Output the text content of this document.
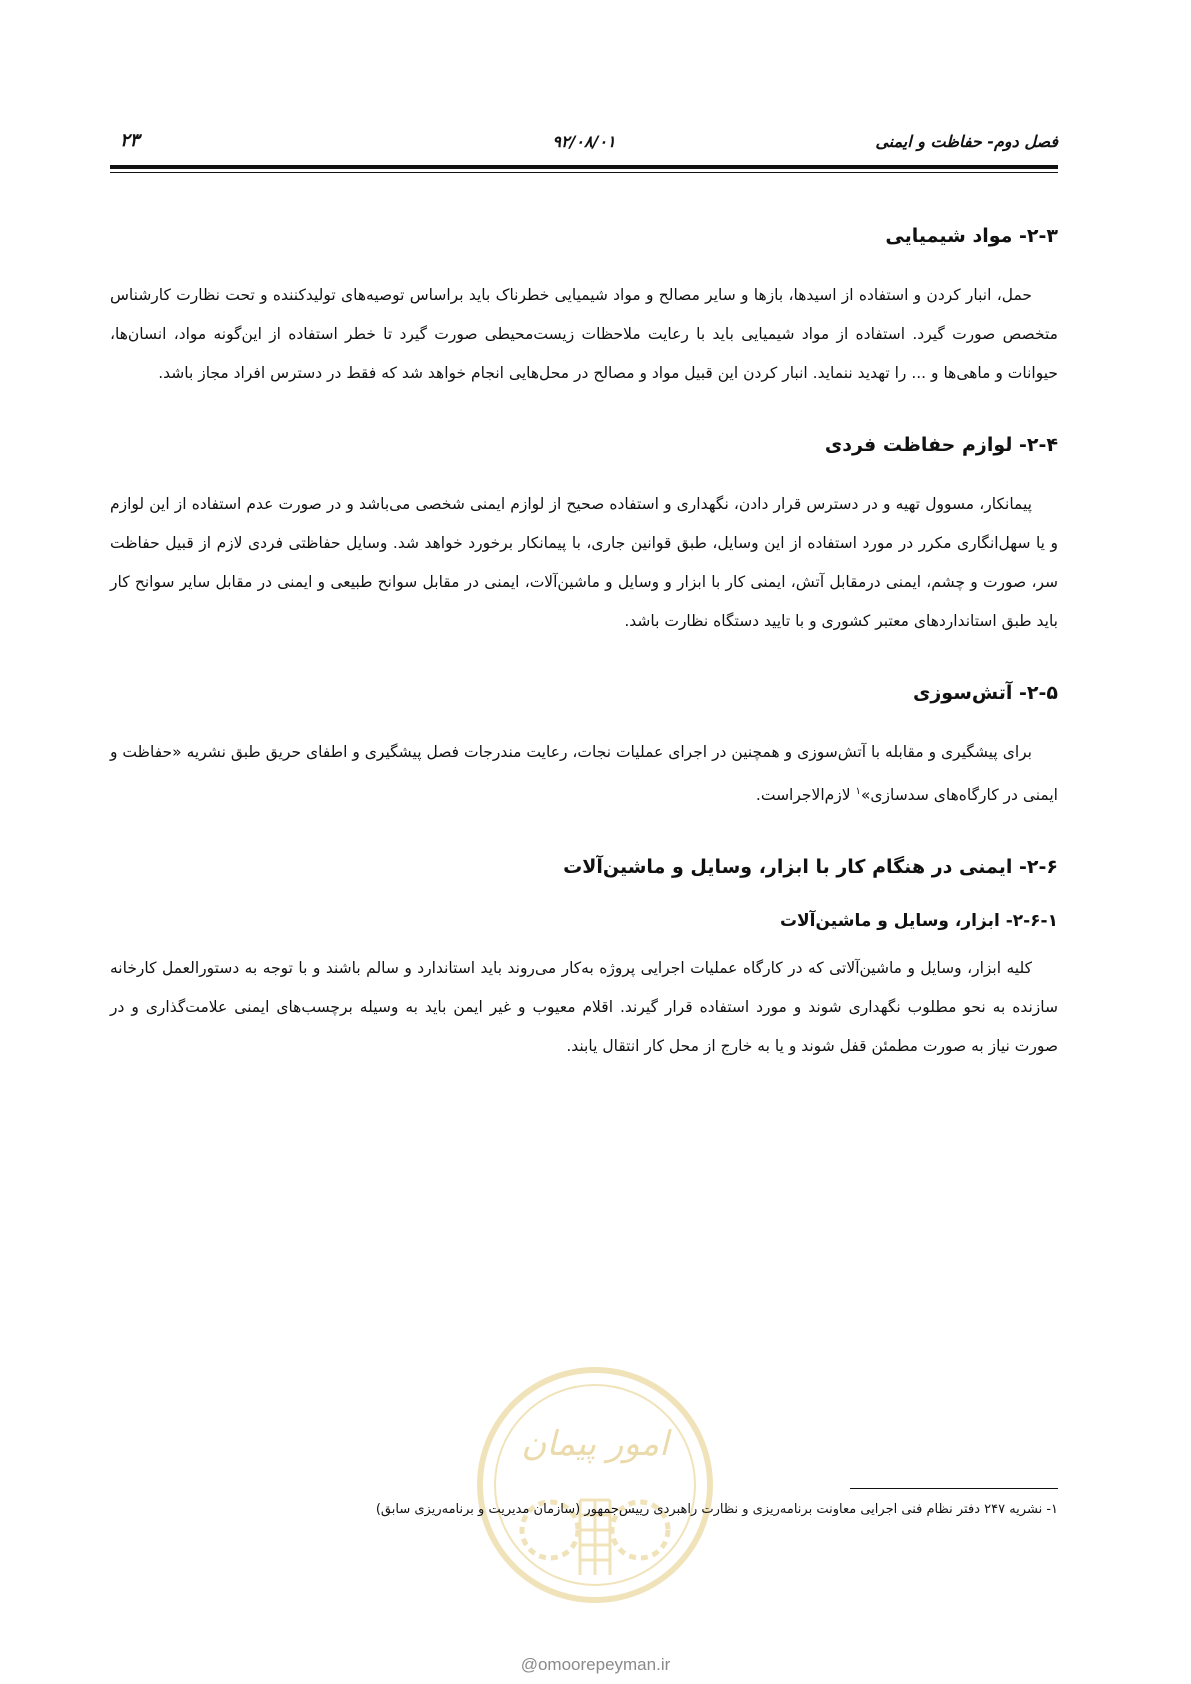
فصل دوم- حفاظت و ایمنی
۹۲/۰۸/۰۱
۲۳
۲-۳- مواد شیمیایی

حمل، انبار کردن و استفاده از اسیدها، بازها و سایر مصالح و مواد شیمیایی خطرناک باید براساس توصیه‌های تولیدکننده و تحت نظارت کارشناس متخصص صورت گیرد. استفاده از مواد شیمیایی باید با رعایت ملاحظات زیست‌محیطی صورت گیرد تا خطر استفاده از این‌گونه مواد، انسان‌ها، حیوانات و ماهی‌ها و ... را تهدید ننماید. انبار کردن این قبیل مواد و مصالح در محل‌هایی انجام خواهد شد که فقط در دسترس افراد مجاز باشد.

۲-۴- لوازم حفاظت فردی

پیمانکار، مسوول تهیه و در دسترس قرار دادن، نگهداری و استفاده صحیح از لوازم ایمنی شخصی می‌باشد و در صورت عدم استفاده از این لوازم و یا سهل‌انگاری مکرر در مورد استفاده از این وسایل، طبق قوانین جاری، با پیمانکار برخورد خواهد شد. وسایل حفاظتی فردی لازم از قبیل حفاظت سر، صورت و چشم، ایمنی درمقابل آتش، ایمنی کار با ابزار و وسایل و ماشین‌آلات، ایمنی در مقابل سوانح طبیعی و ایمنی در مقابل سایر سوانح کار باید طبق استانداردهای معتبر کشوری و با تایید دستگاه نظارت باشد.

۲-۵- آتش‌سوزی

برای پیشگیری و مقابله با آتش‌سوزی و همچنین در اجرای عملیات نجات، رعایت مندرجات فصل پیشگیری و اطفای حریق طبق نشریه «حفاظت و ایمنی در کارگاه‌های سدسازی»$^۱$ لازم‌الاجراست.

۲-۶- ایمنی در هنگام کار با ابزار، وسایل و ماشین‌آلات
۲-۶-۱- ابزار، وسایل و ماشین‌آلات

کلیه ابزار، وسایل و ماشین‌آلاتی که در کارگاه عملیات اجرایی پروژه به‌کار می‌روند باید استاندارد و سالم باشند و با توجه به دستورالعمل کارخانه سازنده به نحو مطلوب نگهداری شوند و مورد استفاده قرار گیرند. اقلام معیوب و غیر ایمن باید به وسیله برچسب‌های ایمنی علامت‌گذاری و در صورت نیاز به صورت مطمئن قفل شوند و یا به خارج از محل کار انتقال یابند.

امور پیمان
۱- نشریه ۲۴۷ دفتر نظام فنی اجرایی معاونت برنامه‌ریزی و نظارت راهبردی رییس‌جمهور (سازمان مدیریت و برنامه‌ریزی سابق)
@omoorepeyman.ir
